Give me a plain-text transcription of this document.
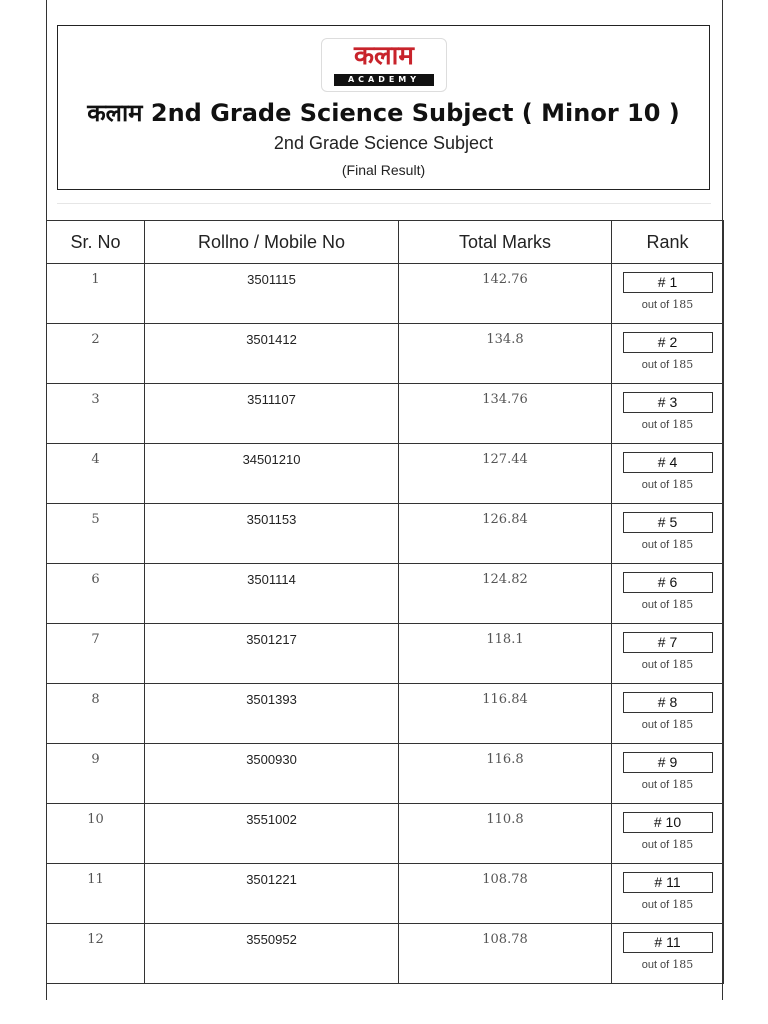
कलाम
ACADEMY
कलाम 2nd Grade Science Subject ( Minor 10 )
2nd Grade Science Subject
(Final Result)
Sr. No	Rollno / Mobile No	Total Marks	Rank
1	3501115	142.76	# 1
out of 185

2	3501412	134.8	# 2
out of 185

3	3511107	134.76	# 3
out of 185

4	34501210	127.44	# 4
out of 185

5	3501153	126.84	# 5
out of 185

6	3501114	124.82	# 6
out of 185

7	3501217	118.1	# 7
out of 185

8	3501393	116.84	# 8
out of 185

9	3500930	116.8	# 9
out of 185

10	3551002	110.8	# 10
out of 185

11	3501221	108.78	# 11
out of 185

12	3550952	108.78	# 11
out of 185
